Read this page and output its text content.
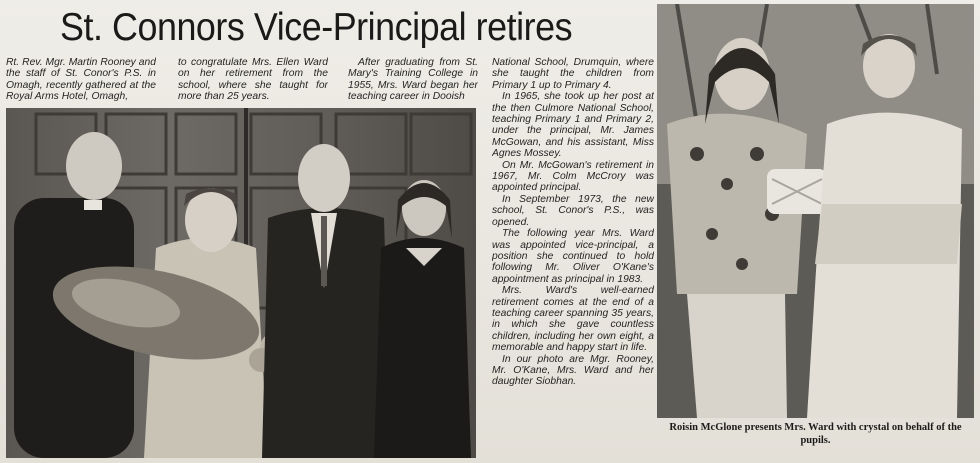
St. Connors Vice-Principal retires

Rt. Rev. Mgr. Martin Rooney and the staff of St. Conor's P.S. in Omagh, recently gathered at the Royal Arms Hotel, Omagh,

to congratulate Mrs. Ellen Ward on her retirement from the school, where she taught for more than 25 years.

After graduating from St. Mary's Training College in 1955, Mrs. Ward began her teaching career in Dooish

National School, Drumquin, where she taught the children from Primary 1 up to Primary 4.

In 1965, she took up her post at the then Culmore National School, teaching Primary 1 and Primary 2, under the principal, Mr. James McGowan, and his assistant, Miss Agnes Mossey.

On Mr. McGowan's retirement in 1967, Mr. Colm McCrory was appointed principal.

In September 1973, the new school, St. Conor's P.S., was opened.

The following year Mrs. Ward was appointed vice-principal, a position she continued to hold following Mr. Oliver O'Kane's appointment as principal in 1983.

Mrs. Ward's well-earned retirement comes at the end of a teaching career spanning 35 years, in which she gave countless children, including her own eight, a memorable and happy start in life.

In our photo are Mgr. Rooney, Mr. O'Kane, Mrs. Ward and her daughter Siobhan.

Roisin McGlone presents Mrs. Ward with crystal on behalf of the pupils.
